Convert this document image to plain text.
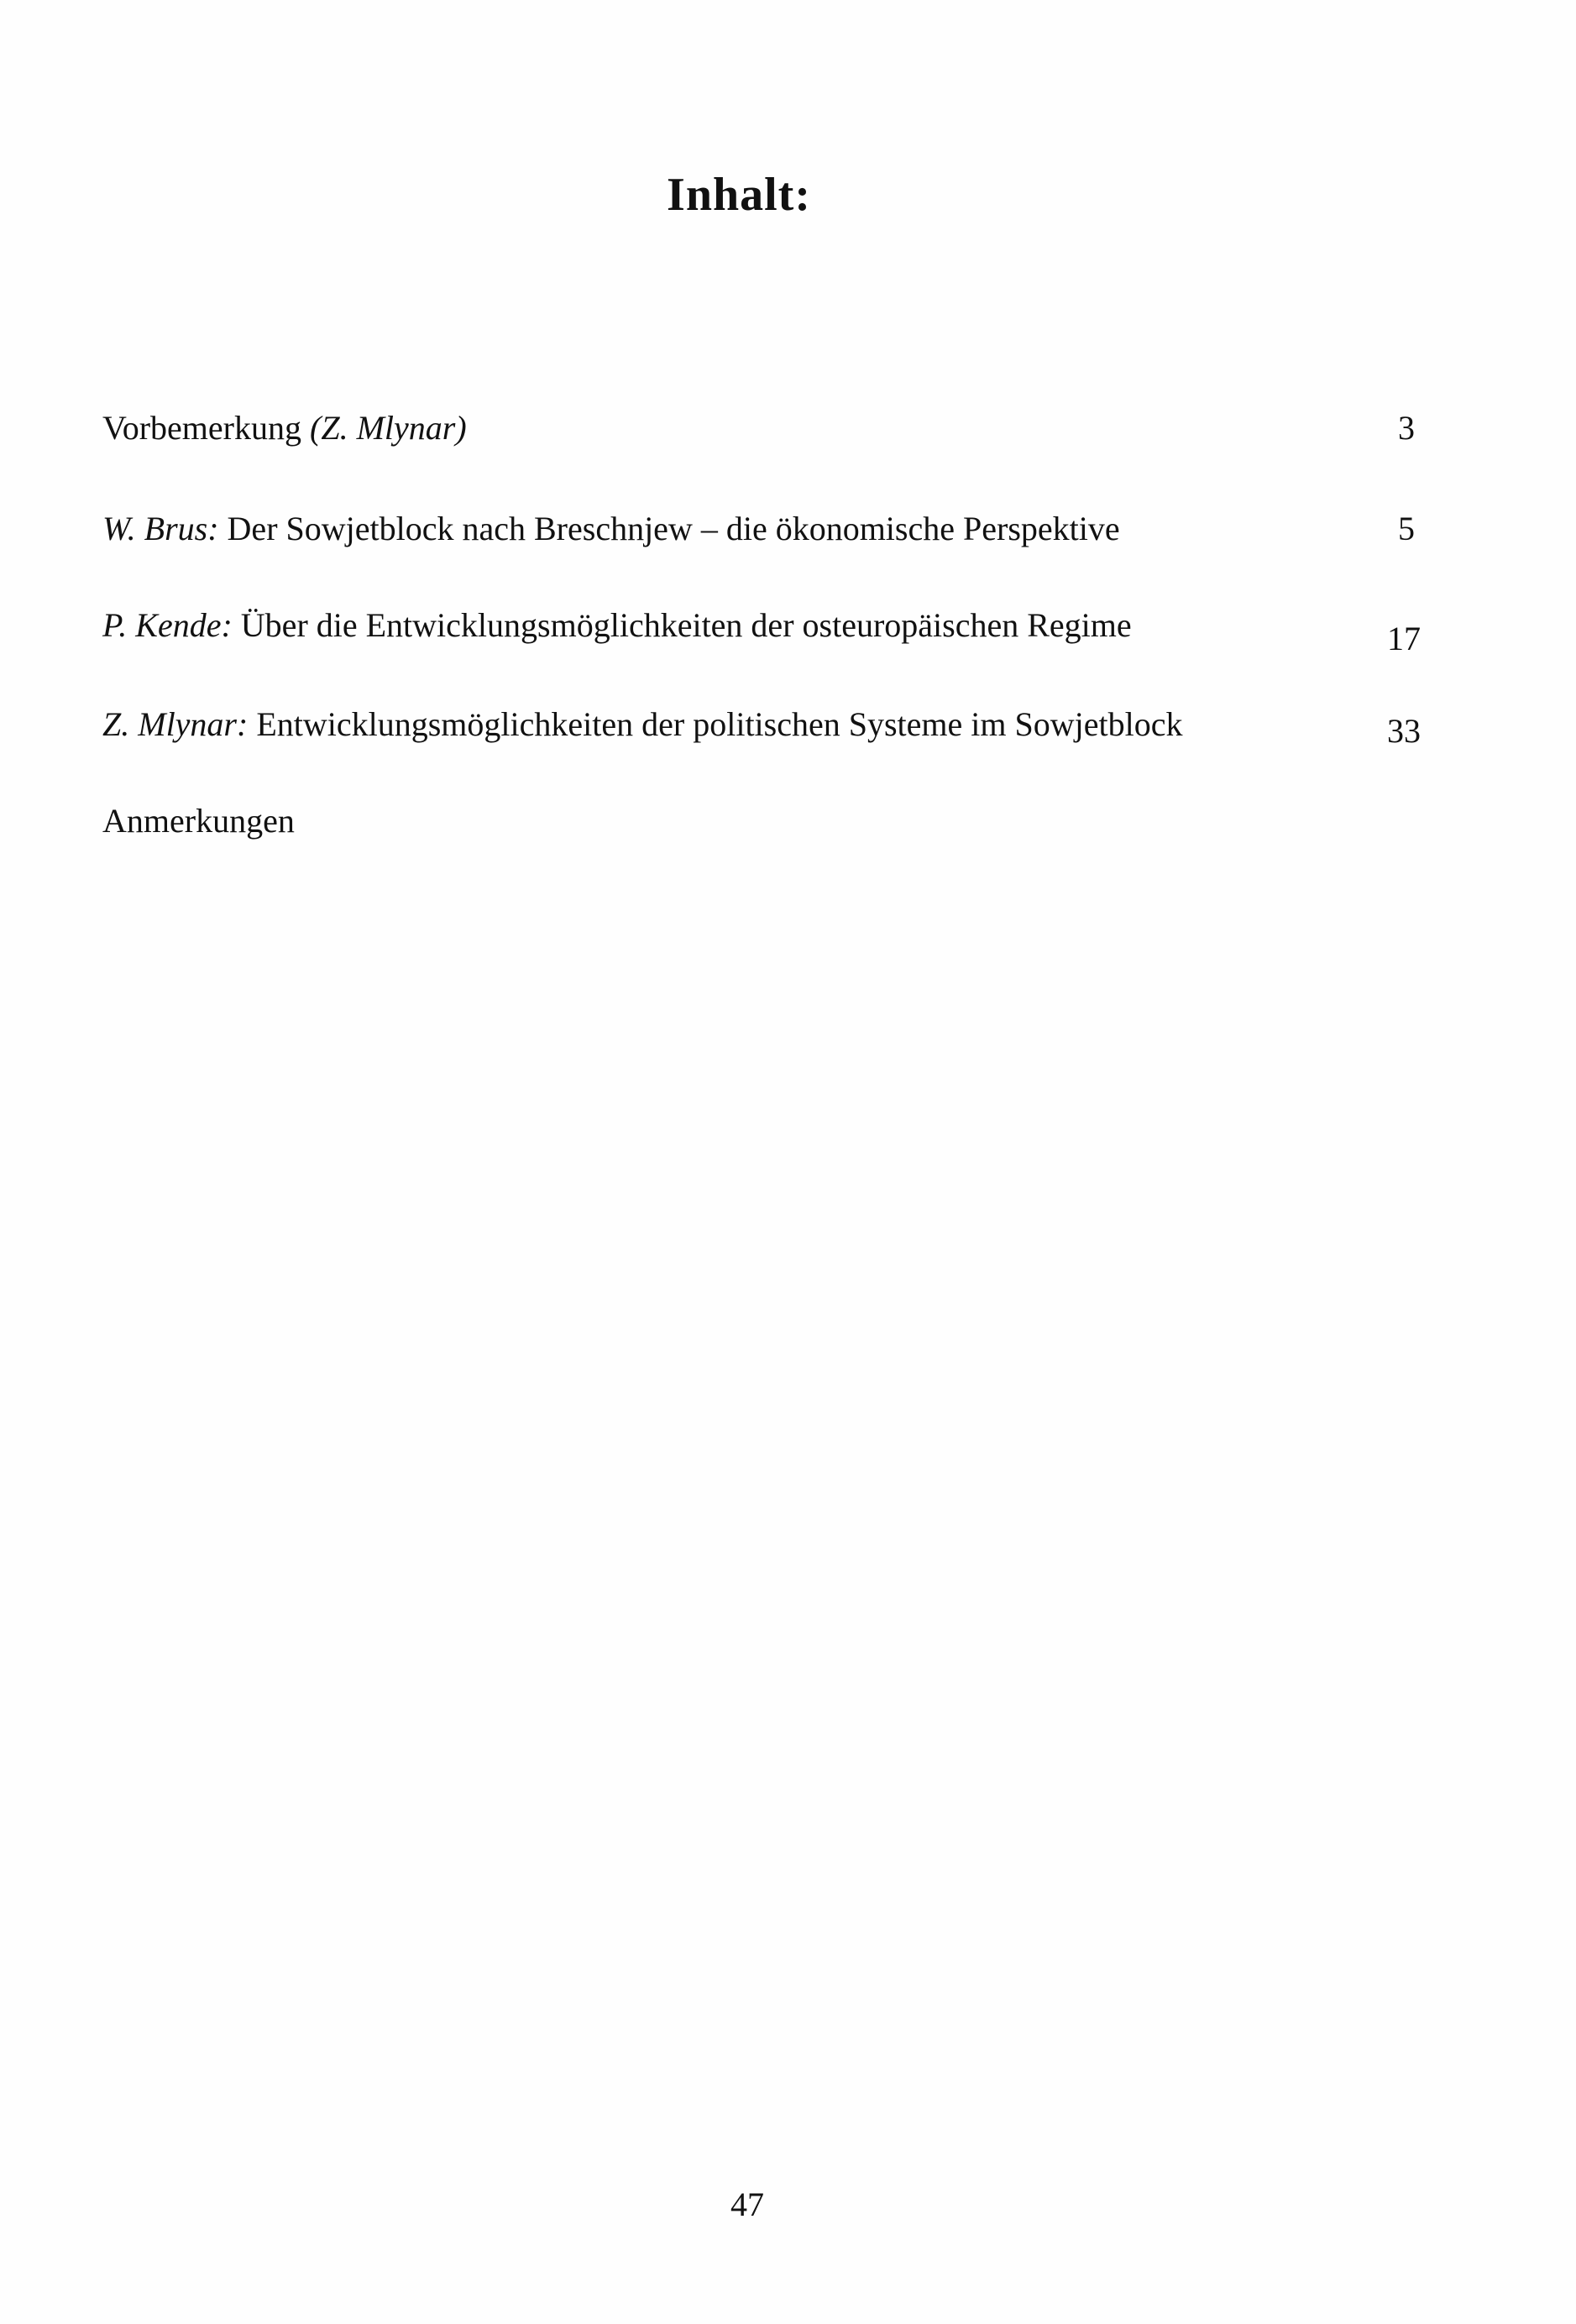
Inhalt:
Vorbemerkung (Z. Mlynar)	3
W. Brus: Der Sowjetblock nach Breschnjew – die ökonomische Perspektive	5
P. Kende: Über die Entwicklungsmöglichkeiten der osteuropäischen Regime	17
Z. Mlynar: Entwicklungsmöglichkeiten der politischen Systeme im Sowjetblock	33
Anmerkungen
47
